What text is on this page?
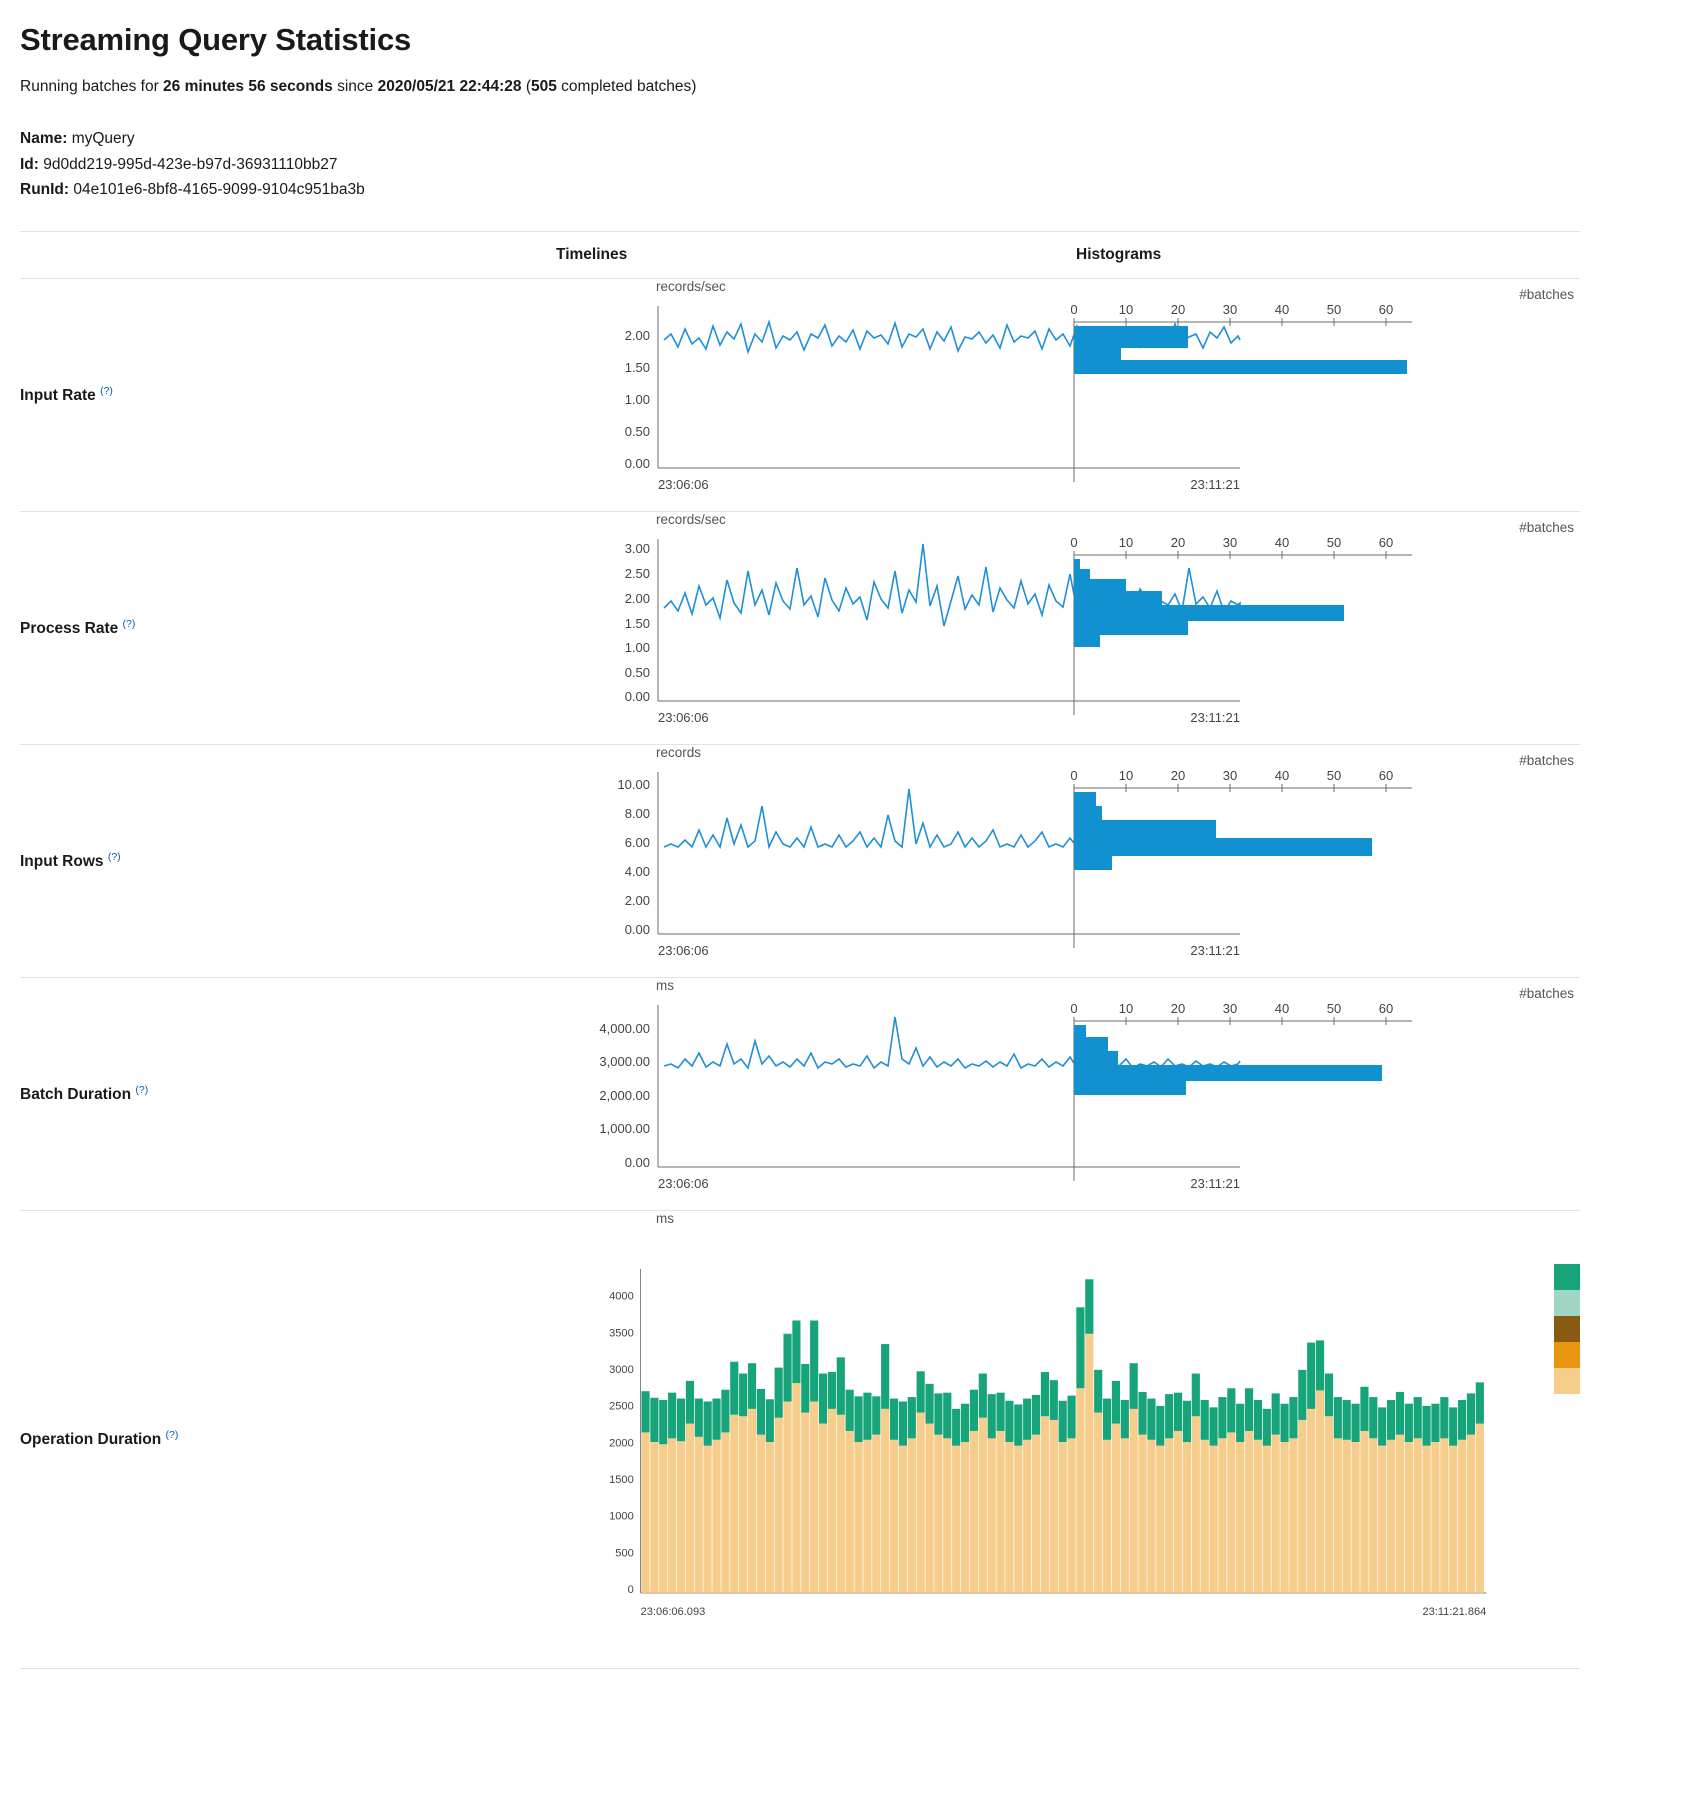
Streaming Query Statistics
Running batches for 26 minutes 56 seconds since 2020/05/21 22:44:28 (505 completed batches)
Name: myQuery
Id: 9d0dd219-995d-423e-b97d-36931110bb27
RunId: 04e101e6-8bf8-4165-9099-9104c951ba3b
	Timelines	Histograms
Input Rate (?)	
records/sec
2.00
1.50
1.00
0.50
0.00
23:06:06	23:11:21

#batches
0	10	20	30	40	50	60

Process Rate (?)	
records/sec
3.00
2.50
2.00
1.50
1.00
0.50
0.00
23:06:06	23:11:21

#batches
0	10	20	30	40	50	60

Input Rows (?)	
records
10.00
8.00
6.00
4.00
2.00
0.00
23:06:06	23:11:21

#batches
0	10	20	30	40	50	60

Batch Duration (?)	
ms
4,000.00
3,000.00
2,000.00
1,000.00
0.00
23:06:06	23:11:21

#batches
0	10	20	30	40	50	60

Operation Duration (?)	
ms
4000
3500
3000
2500
2000
1500
1000
500
0
23:06:06.093	23:11:21.864
